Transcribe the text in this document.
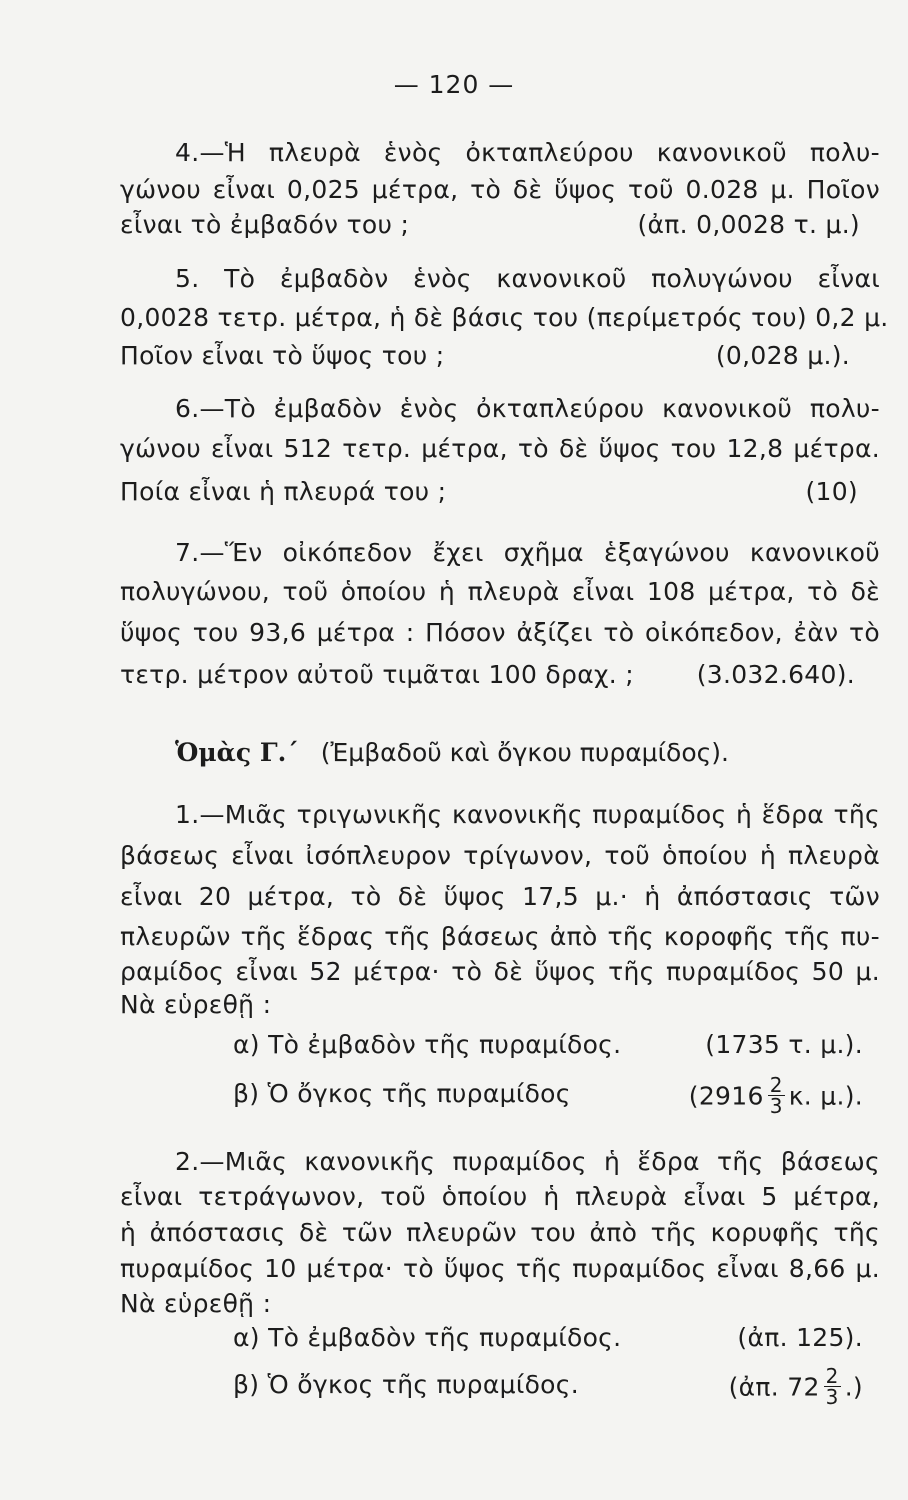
— 120 —
4.—Ἡ πλευρὰ ἑνὸς ὀκταπλεύρου κανονικοῦ πολυ-
γώνου εἶναι 0,025 μέτρα, τὸ δὲ ὕψος τοῦ 0.028 μ. Ποῖον
εἶναι τὸ ἐμβαδόν του ;	(ἀπ. 0,0028 τ. μ.)
5. Τὸ ἐμβαδὸν ἑνὸς κανονικοῦ πολυγώνου εἶναι
0,0028 τετρ. μέτρα, ἡ δὲ βάσις του (περίμετρός του) 0,2 μ.
Ποῖον εἶναι τὸ ὕψος του ;	(0,028 μ.).
6.—Τὸ ἐμβαδὸν ἑνὸς ὀκταπλεύρου κανονικοῦ πολυ-
γώνου εἶναι 512 τετρ. μέτρα, τὸ δὲ ὕψος του 12,8 μέτρα.
Ποία εἶναι ἡ πλευρά του ;	(10)
7.—Ἕν οἰκόπεδον ἔχει σχῆμα ἑξαγώνου κανονικοῦ
πολυγώνου, τοῦ ὁποίου ἡ πλευρὰ εἶναι 108 μέτρα, τὸ δὲ
ὕψος του 93,6 μέτρα : Πόσον ἀξίζει τὸ οἰκόπεδον, ἐὰν τὸ
τετρ. μέτρον αὐτοῦ τιμᾶται 100 δραχ. ;	(3.032.640).
Ὁμὰς Γ.΄ (Ἐμβαδοῦ καὶ ὄγκου πυραμίδος).
1.—Μιᾶς τριγωνικῆς κανονικῆς πυραμίδος ἡ ἕδρα τῆς
βάσεως εἶναι ἰσόπλευρον τρίγωνον, τοῦ ὁποίου ἡ πλευρὰ
εἶναι 20 μέτρα, τὸ δὲ ὕψος 17,5 μ.· ἡ ἀπόστασις τῶν
πλευρῶν τῆς ἕδρας τῆς βάσεως ἀπὸ τῆς κοροφῆς τῆς πυ-
ραμίδος εἶναι 52 μέτρα· τὸ δὲ ὕψος τῆς πυραμίδος 50 μ.
Νὰ εὑρεθῇ :
α) Τὸ ἐμβαδὸν τῆς πυραμίδος.	(1735 τ. μ.).
β) Ὁ ὄγκος τῆς πυραμίδος	($2916 \frac{2}{3} \kappa$. μ.).
2.—Μιᾶς κανονικῆς πυραμίδος ἡ ἕδρα τῆς βάσεως
εἶναι τετράγωνον, τοῦ ὁποίου ἡ πλευρὰ εἶναι 5 μέτρα,
ἡ ἀπόστασις δὲ τῶν πλευρῶν του ἀπὸ τῆς κορυφῆς τῆς
πυραμίδος 10 μέτρα· τὸ ὕψος τῆς πυραμίδος εἶναι 8,66 μ.
Νὰ εὑρεθῇ :
α) Τὸ ἐμβαδὸν τῆς πυραμίδος.	(ἀπ. 125).
β) Ὁ ὄγκος τῆς πυραμίδος.	(ἀπ. $72 \frac{2}{3}$ .)
